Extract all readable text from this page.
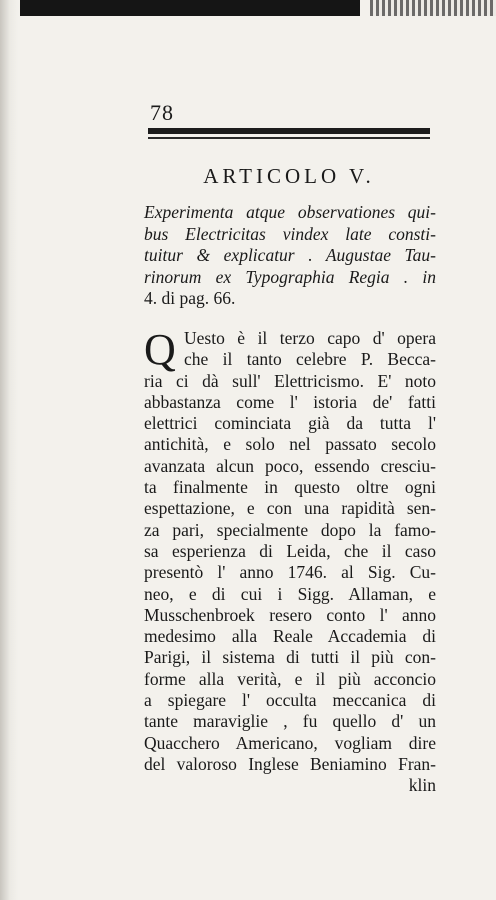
78
ARTICOLO V.
Experimenta atque observationes qui-
bus Electricitas vindex late consti-
tuitur & explicatur . Augustae Tau-
rinorum ex Typographia Regia . in
4. di pag. 66.
Q Uesto è il terzo capo d' opera
che il tanto celebre P. Becca-
ria ci dà sull' Elettricismo. E' noto
abbastanza come l' istoria de' fatti
elettrici cominciata già da tutta l'
antichità, e solo nel passato secolo
avanzata alcun poco, essendo cresciu-
ta finalmente in questo oltre ogni
espettazione, e con una rapidità sen-
za pari, specialmente dopo la famo-
sa esperienza di Leida, che il caso
presentò l' anno 1746. al Sig. Cu-
neo, e di cui i Sigg. Allaman, e
Musschenbroek resero conto l' anno
medesimo alla Reale Accademia di
Parigi, il sistema di tutti il più con-
forme alla verità, e il più acconcio
a spiegare l' occulta meccanica di
tante maraviglie , fu quello d' un
Quacchero Americano, vogliam dire
del valoroso Inglese Beniamino Fran-
klin
